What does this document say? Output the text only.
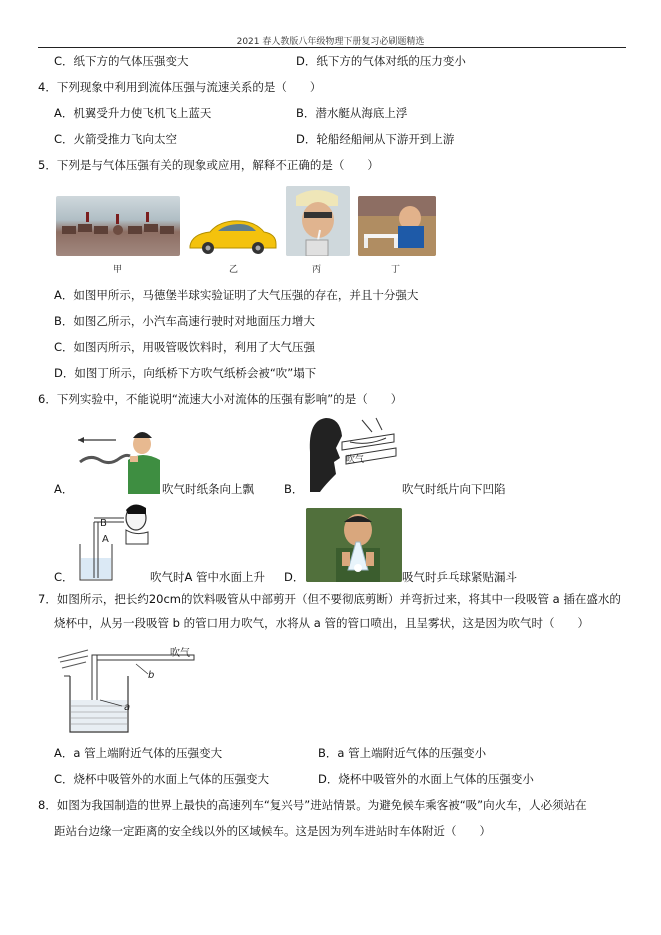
2021 春人教版八年级物理下册复习必刷题精选
C．纸下方的气体压强变大	D．纸下方的气体对纸的压力变小
4．下列现象中利用到流体压强与流速关系的是（　　）
A．机翼受升力使飞机飞上蓝天	B．潜水艇从海底上浮
C．火箭受推力飞向太空	D．轮船经船闸从下游开到上游
5．下列是与气体压强有关的现象或应用，解释不正确的是（　　）
甲	乙	丙	丁
A．如图甲所示，马德堡半球实验证明了大气压强的存在，并且十分强大
B．如图乙所示，小汽车高速行驶时对地面压力增大
C．如图丙所示，用吸管吸饮料时，利用了大气压强
D．如图丁所示，向纸桥下方吹气纸桥会被“吹”塌下
6．下列实验中，不能说明“流速大小对流体的压强有影响”的是（　　）
A．	吹气时纸条向上飘	B．
吹气
吹气时纸片向下凹陷
C．
B
A
吹气时A 管中水面上升 D．	吸气时乒乓球紧贴漏斗
7．如图所示，把长约20cm的饮料吸管从中部剪开（但不要彻底剪断）并弯折过来，将其中一段吸管 a 插在盛水的
烧杯中，从另一段吸管 b 的管口用力吹气，水将从 a 管的管口喷出，且呈雾状，这是因为吹气时（　　）
吹气
b
a
A．a 管上端附近气体的压强变大	B．a 管上端附近气体的压强变小
C．烧杯中吸管外的水面上气体的压强变大	D．烧杯中吸管外的水面上气体的压强变小
8．如图为我国制造的世界上最快的高速列车“复兴号”进站情景。为避免候车乘客被“吸”向火车，人必须站在
距站台边缘一定距离的安全线以外的区域候车。这是因为列车进站时车体附近（　　）
